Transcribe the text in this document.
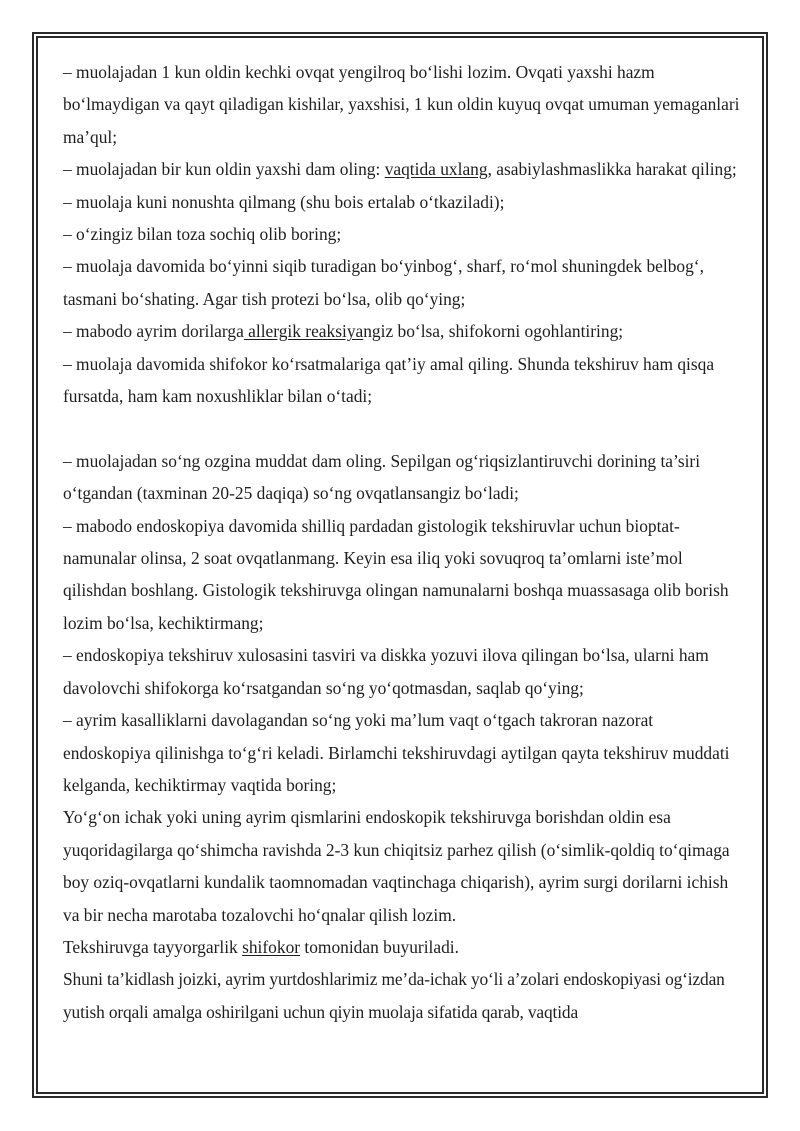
– muolajadan 1 kun oldin kechki ovqat yengilroq bo‘lishi lozim. Ovqati yaxshi hazm bo‘lmaydigan va qayt qiladigan kishilar, yaxshisi, 1 kun oldin kuyuq ovqat umuman yemaganlari ma’qul;

– muolajadan bir kun oldin yaxshi dam oling: vaqtida uxlang, asabiylashmaslikka harakat qiling;

– muolaja kuni nonushta qilmang (shu bois ertalab o‘tkaziladi);

– o‘zingiz bilan toza sochiq olib boring;

– muolaja davomida bo‘yinni siqib turadigan bo‘yinbog‘, sharf, ro‘mol shuningdek belbog‘, tasmani bo‘shating. Agar tish protezi bo‘lsa, olib qo‘ying;

– mabodo ayrim dorilarga allergik reaksiyangiz bo‘lsa, shifokorni ogohlantiring;

– muolaja davomida shifokor ko‘rsatmalariga qat’iy amal qiling. Shunda tekshiruv ham qisqa fursatda, ham kam noxushliklar bilan o‘tadi;

– muolajadan so‘ng ozgina muddat dam oling. Sepilgan og‘riqsizlantiruvchi dorining ta’siri o‘tgandan (taxminan 20-25 daqiqa) so‘ng ovqatlansangiz bo‘ladi;

– mabodo endoskopiya davomida shilliq pardadan gistologik tekshiruvlar uchun bioptat-namunalar olinsa, 2 soat ovqatlanmang. Keyin esa iliq yoki sovuqroq ta’omlarni iste’mol qilishdan boshlang. Gistologik tekshiruvga olingan namunalarni boshqa muassasaga olib borish lozim bo‘lsa, kechiktirmang;

– endoskopiya tekshiruv xulosasini tasviri va diskka yozuvi ilova qilingan bo‘lsa, ularni ham davolovchi shifokorga ko‘rsatgandan so‘ng yo‘qotmasdan, saqlab qo‘ying;

– ayrim kasalliklarni davolagandan so‘ng yoki ma’lum vaqt o‘tgach takroran nazorat endoskopiya qilinishga to‘g‘ri keladi. Birlamchi tekshiruvdagi aytilgan qayta tekshiruv muddati kelganda, kechiktirmay vaqtida boring;

Yo‘g‘on ichak yoki uning ayrim qismlarini endoskopik tekshiruvga borishdan oldin esa yuqoridagilarga qo‘shimcha ravishda 2-3 kun chiqitsiz parhez qilish (o‘simlik-qoldiq to‘qimaga boy oziq-ovqatlarni kundalik taomnomadan vaqtinchaga chiqarish), ayrim surgi dorilarni ichish va bir necha marotaba tozalovchi ho‘qnalar qilish lozim.

Tekshiruvga tayyorgarlik shifokor tomonidan buyuriladi.

Shuni ta’kidlash joizki, ayrim yurtdoshlarimiz me’da-ichak yo‘li a’zolari endoskopiyasi og‘izdan yutish orqali amalga oshirilgani uchun qiyin muolaja sifatida qarab, vaqtida
